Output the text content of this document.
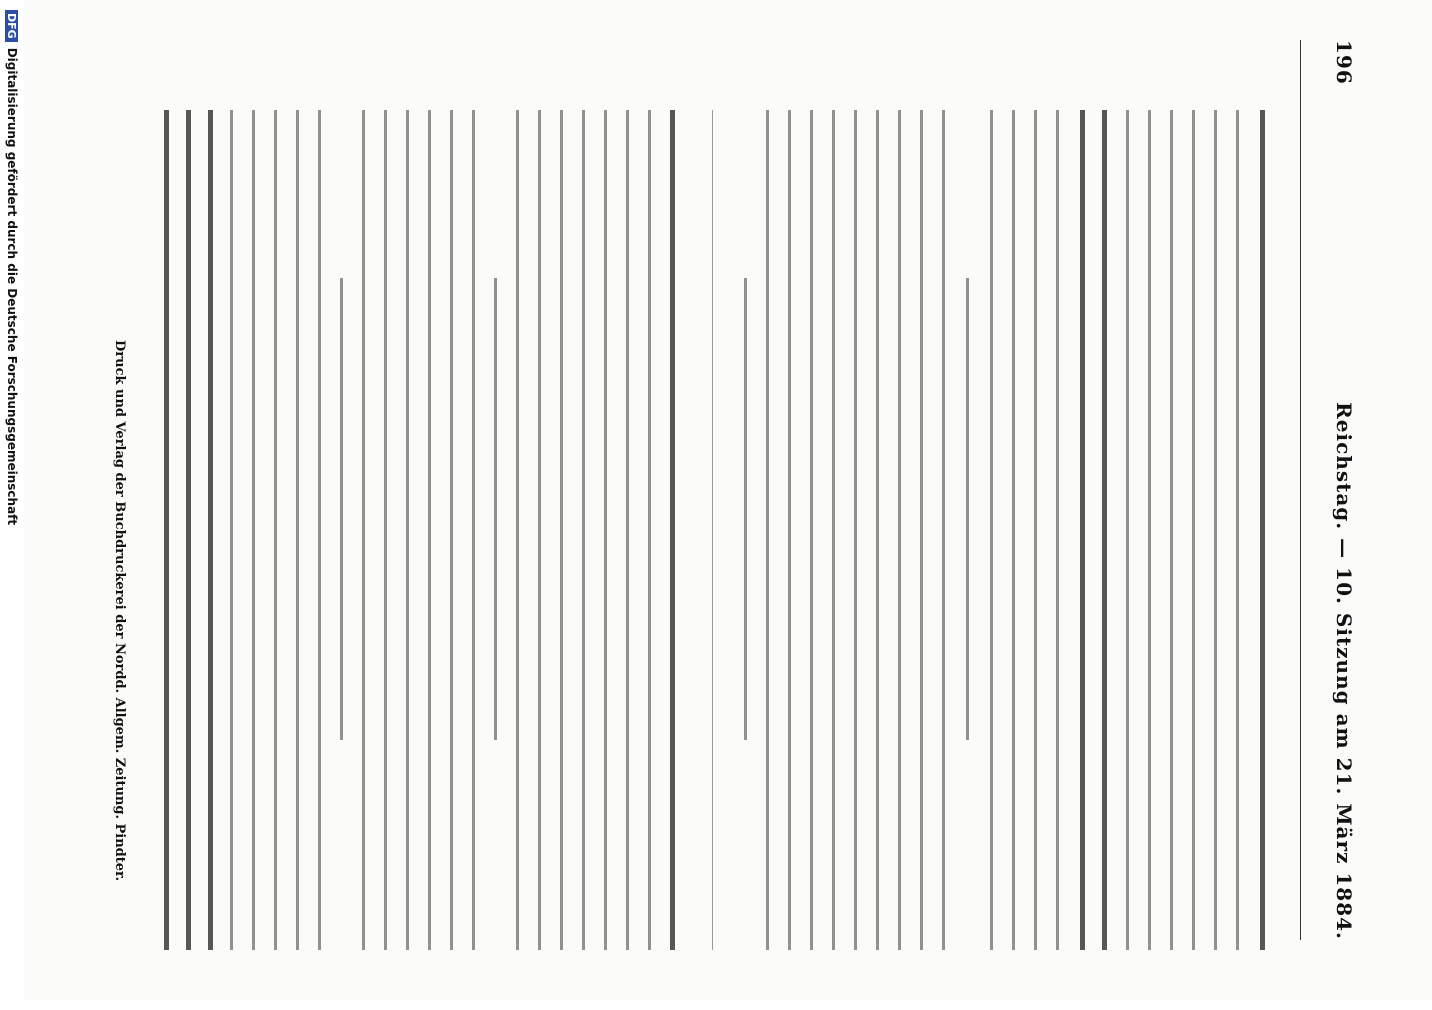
DFG
Digitalisierung gefördert durch die Deutsche Forschungsgemeinschaft	196
Reichstag. — 10. Sitzung am 21. März 1884.
Druck und Verlag der Buchdruckerei der Nordd. Allgem. Zeitung. Pindter.
